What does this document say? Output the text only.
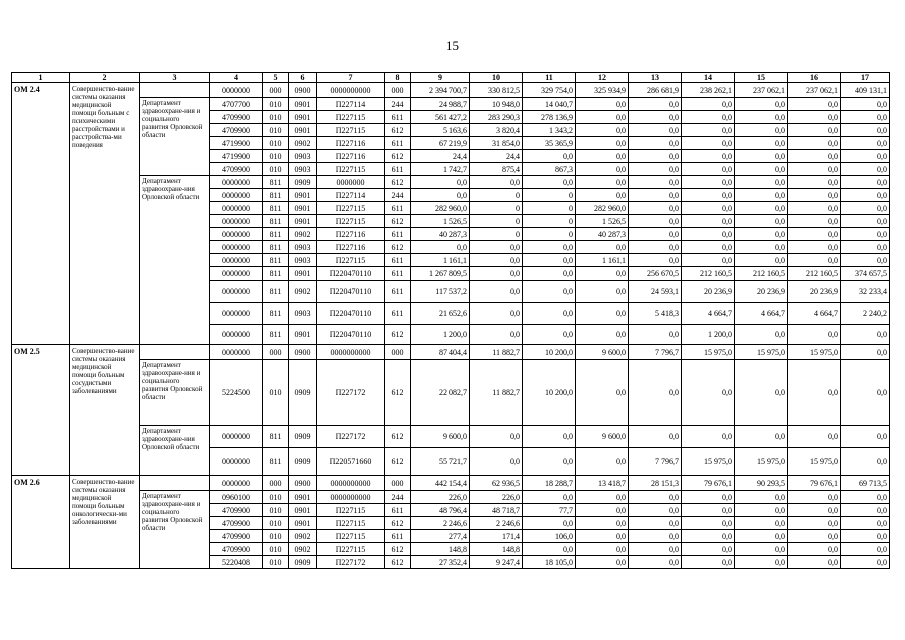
15
1	2	3	4	5	6	7	8	9	10	11	12	13	14	15	16	17
ОМ 2.4	Совершенство-вание системы оказания медицинской помощи больным с психическими расстройствами и расстройства-ми поведения		0000000	000	0900	0000000000	000	2 394 700,7	330 812,5	329 754,0	325 934,9	286 681,9	238 262,1	237 062,1	237 062,1	409 131,1
		Департамент здравоохране-ния и социального развития Орловской области	4707700	010	0901	П227114	244	24 988,7	10 948,0	14 040,7	0,0	0,0	0,0	0,0	0,0	0,0
			4709900	010	0901	П227115	611	561 427,2	283 290,3	278 136,9	0,0	0,0	0,0	0,0	0,0	0,0
			4709900	010	0901	П227115	612	5 163,6	3 820,4	1 343,2	0,0	0,0	0,0	0,0	0,0	0,0
			4719900	010	0902	П227116	611	67 219,9	31 854,0	35 365,9	0,0	0,0	0,0	0,0	0,0	0,0
			4719900	010	0903	П227116	612	24,4	24,4	0,0	0,0	0,0	0,0	0,0	0,0	0,0
			4709900	010	0903	П227115	611	1 742,7	875,4	867,3	0,0	0,0	0,0	0,0	0,0	0,0
		Департамент здравоохране-ния Орловской области	0000000	811	0909	0000000	612	0,0	0,0	0,0	0,0	0,0	0,0	0,0	0,0	0,0
			0000000	811	0901	П227114	244	0,0	0	0	0,0	0,0	0,0	0,0	0,0	0,0
			0000000	811	0901	П227115	611	282 960,0	0	0	282 960,0	0,0	0,0	0,0	0,0	0,0
			0000000	811	0901	П227115	612	1 526,5	0	0	1 526,5	0,0	0,0	0,0	0,0	0,0
			0000000	811	0902	П227116	611	40 287,3	0	0	40 287,3	0,0	0,0	0,0	0,0	0,0
			0000000	811	0903	П227116	612	0,0	0,0	0,0	0,0	0,0	0,0	0,0	0,0	0,0
			0000000	811	0903	П227115	611	1 161,1	0,0	0,0	1 161,1	0,0	0,0	0,0	0,0	0,0
			0000000	811	0901	П220470110	611	1 267 809,5	0,0	0,0	0,0	256 670,5	212 160,5	212 160,5	212 160,5	374 657,5
			0000000	811	0902	П220470110	611	117 537,2	0,0	0,0	0,0	24 593,1	20 236,9	20 236,9	20 236,9	32 233,4
			0000000	811	0903	П220470110	611	21 652,6	0,0	0,0	0,0	5 418,3	4 664,7	4 664,7	4 664,7	2 240,2
			0000000	811	0901	П220470110	612	1 200,0	0,0	0,0	0,0	0,0	1 200,0	0,0	0,0	0,0
ОМ 2.5	Совершенство-вание системы оказания медицинской помощи больным сосудистыми заболеваниями		0000000	000	0900	0000000000	000	87 404,4	11 882,7	10 200,0	9 600,0	7 796,7	15 975,0	15 975,0	15 975,0	0,0
		Департамент здравоохране-ния и социального развития Орловской области	5224500	010	0909	П227172	612	22 082,7	11 882,7	10 200,0	0,0	0,0	0,0	0,0	0,0	0,0
		Департамент здравоохране-ния Орловской области	0000000	811	0909	П227172	612	9 600,0	0,0	0,0	9 600,0	0,0	0,0	0,0	0,0	0,0
			0000000	811	0909	П220571660	612	55 721,7	0,0	0,0	0,0	7 796,7	15 975,0	15 975,0	15 975,0	0,0
ОМ 2.6	Совершенство-вание системы оказания медицинской помощи больным онкологически-ми заболеваниями		0000000	000	0900	0000000000	000	442 154,4	62 936,5	18 288,7	13 418,7	28 151,3	79 676,1	90 293,5	79 676,1	69 713,5
		Департамент здравоохране-ния и социального развития Орловской области	0960100	010	0901	0000000000	244	226,0	226,0	0,0	0,0	0,0	0,0	0,0	0,0	0,0
			4709900	010	0901	П227115	611	48 796,4	48 718,7	77,7	0,0	0,0	0,0	0,0	0,0	0,0
			4709900	010	0901	П227115	612	2 246,6	2 246,6	0,0	0,0	0,0	0,0	0,0	0,0	0,0
			4709900	010	0902	П227115	611	277,4	171,4	106,0	0,0	0,0	0,0	0,0	0,0	0,0
			4709900	010	0902	П227115	612	148,8	148,8	0,0	0,0	0,0	0,0	0,0	0,0	0,0
			5220408	010	0909	П227172	612	27 352,4	9 247,4	18 105,0	0,0	0,0	0,0	0,0	0,0	0,0
